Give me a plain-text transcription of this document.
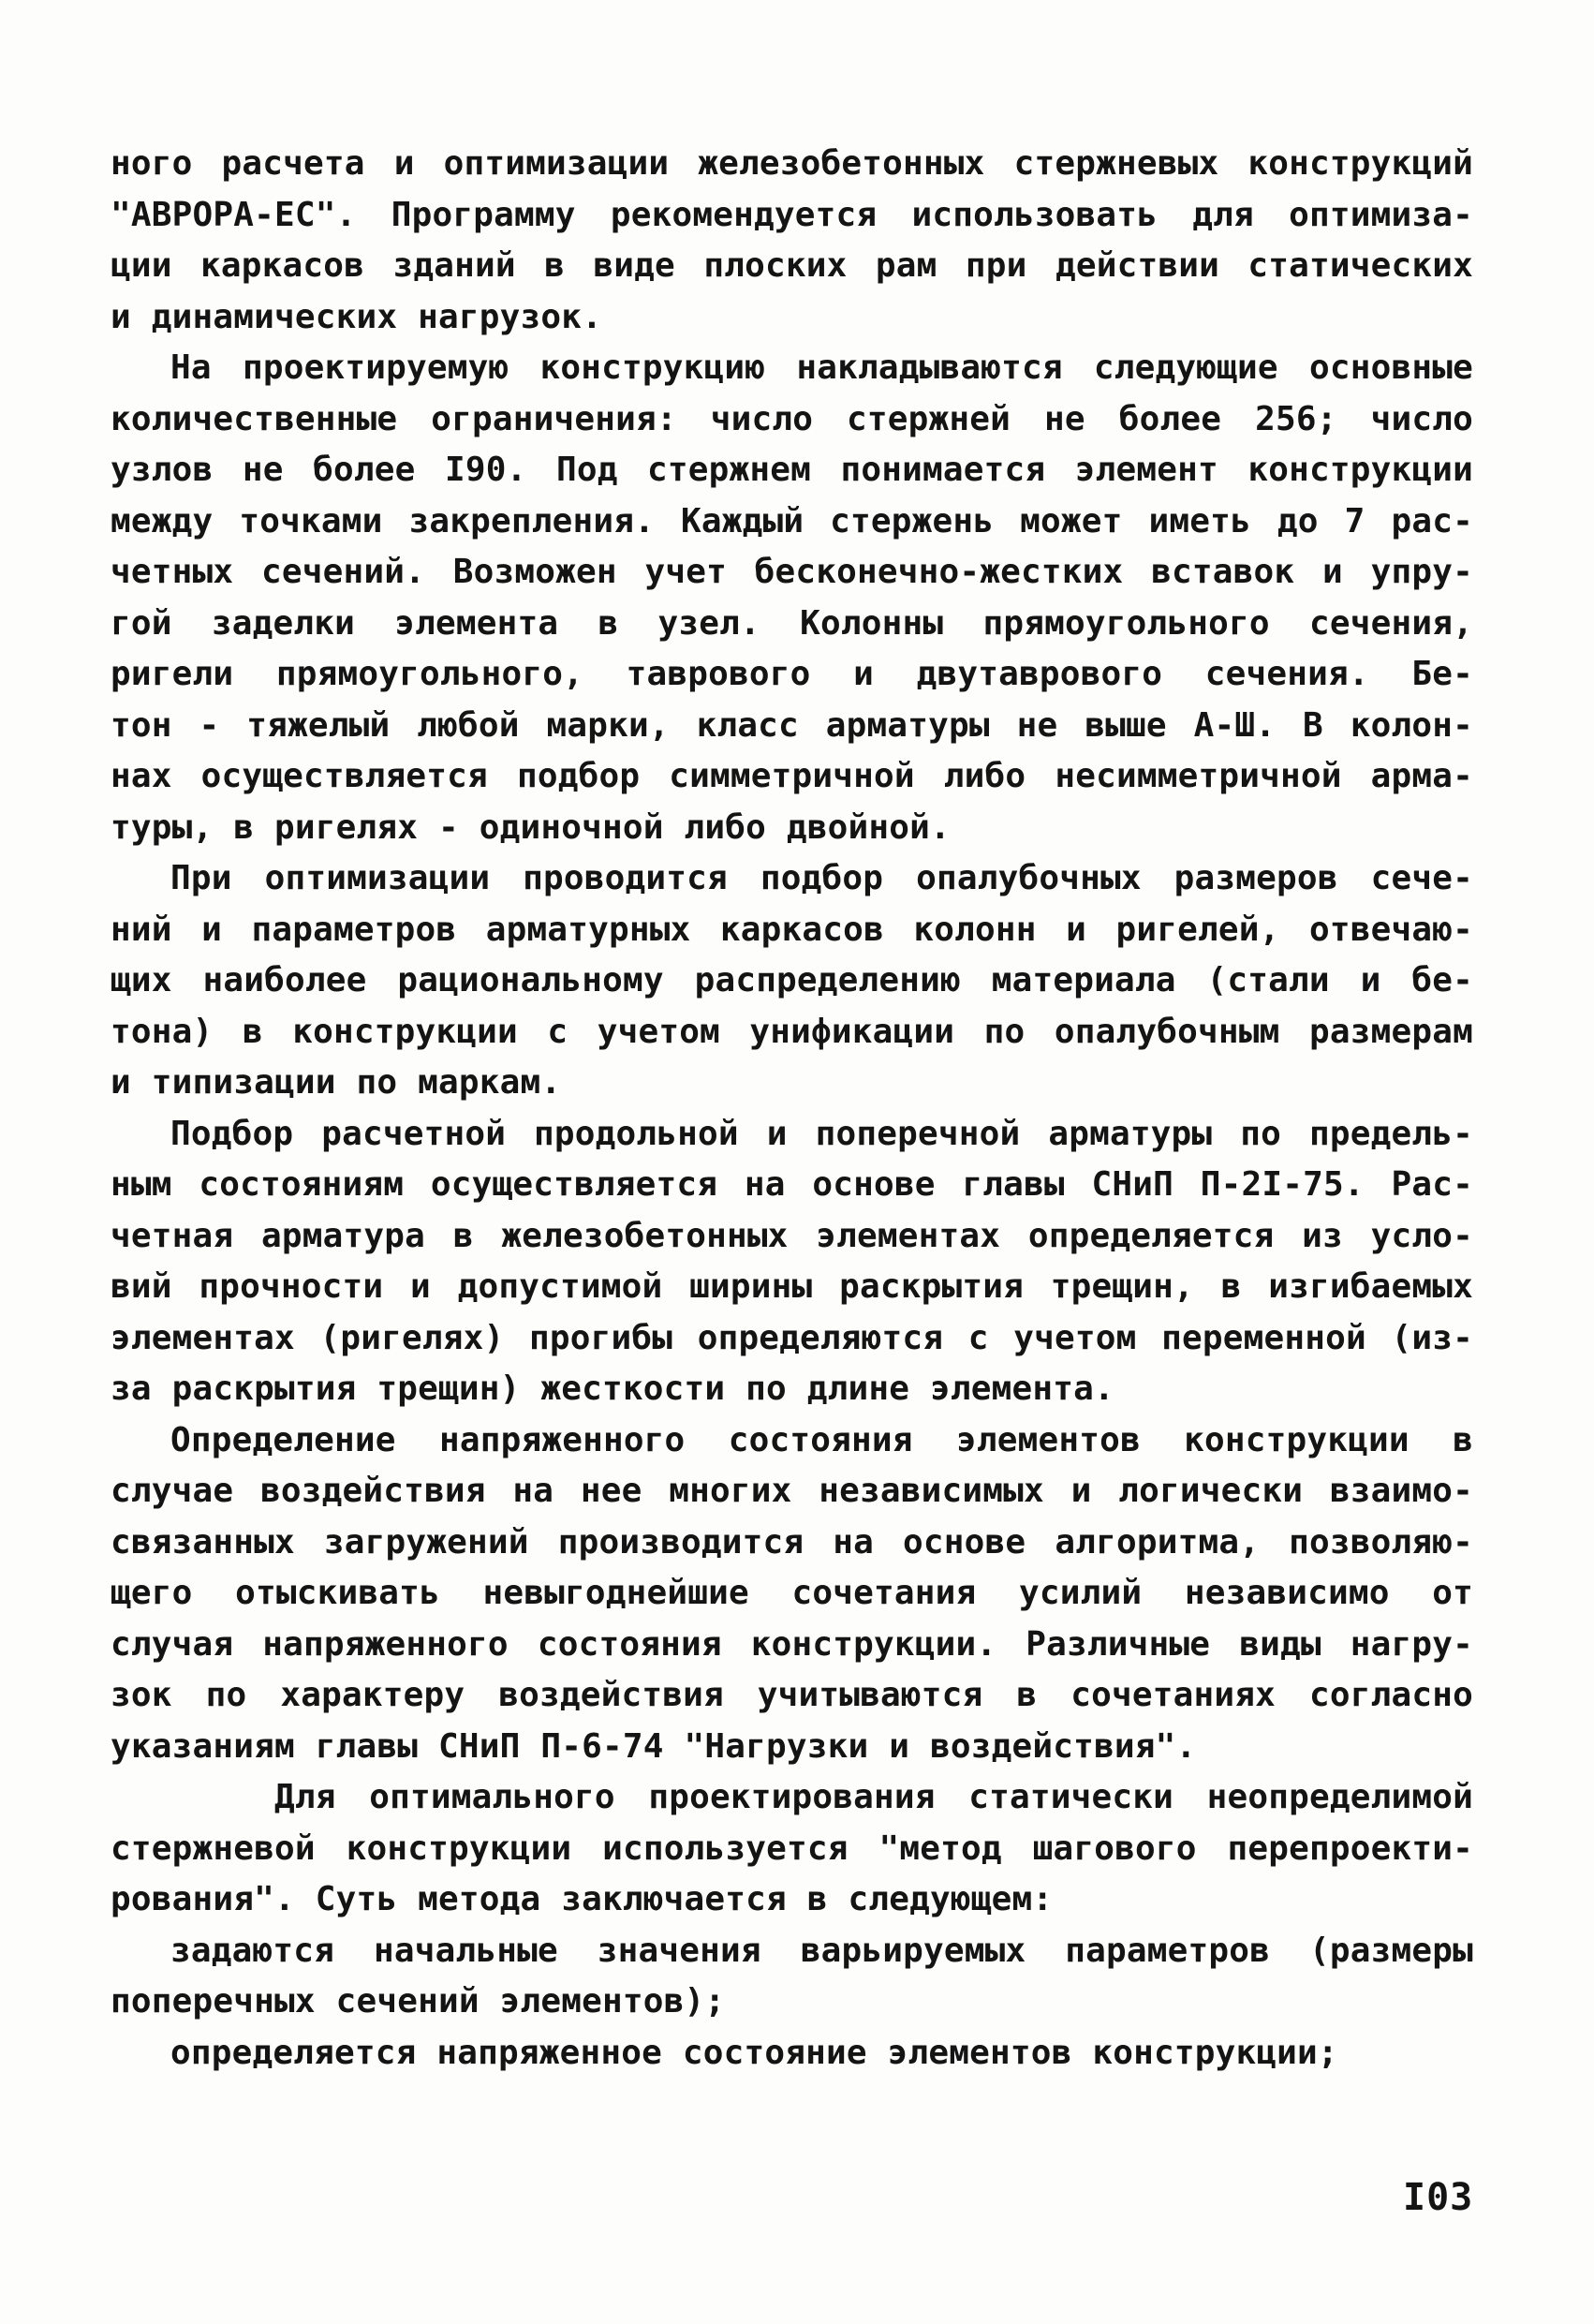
ного расчета и оптимизации железобетонных стержневых конструкций
"АВРОРА-ЕС". Программу рекомендуется использовать для оптимиза-
ции каркасов зданий в виде плоских рам при действии статических
и динамических нагрузок.
На проектируемую конструкцию накладываются следующие основные
количественные ограничения: число стержней не более 256; число
узлов не более I90. Под стержнем понимается элемент конструкции
между точками закрепления. Каждый стержень может иметь до 7 рас-
четных сечений. Возможен учет бесконечно-жестких вставок и упру-
гой заделки элемента в узел. Колонны прямоугольного сечения,
ригели прямоугольного, таврового и двутаврового сечения. Бе-
тон - тяжелый любой марки, класс арматуры не выше А-Ш. В колон-
нах осуществляется подбор симметричной либо несимметричной арма-
туры, в ригелях - одиночной либо двойной.
При оптимизации проводится подбор опалубочных размеров сече-
ний и параметров арматурных каркасов колонн и ригелей, отвечаю-
щих наиболее рациональному распределению материала (стали и бе-
тона) в конструкции с учетом унификации по опалубочным размерам
и типизации по маркам.
Подбор расчетной продольной и поперечной арматуры по предель-
ным состояниям осуществляется на основе главы СНиП П-2I-75. Рас-
четная арматура в железобетонных элементах определяется из усло-
вий прочности и допустимой ширины раскрытия трещин, в изгибаемых
элементах (ригелях) прогибы определяются с учетом переменной (из-
за раскрытия трещин) жесткости по длине элемента.
Определение напряженного состояния элементов конструкции в
случае воздействия на нее многих независимых и логически взаимо-
связанных загружений производится на основе алгоритма, позволяю-
щего отыскивать невыгоднейшие сочетания усилий независимо от
случая напряженного состояния конструкции. Различные виды нагру-
зок по характеру воздействия учитываются в сочетаниях согласно
указаниям главы СНиП П-6-74 "Нагрузки и воздействия".
Для оптимального проектирования статически неопределимой
стержневой конструкции используется "метод шагового перепроекти-
рования". Суть метода заключается в следующем:
задаются начальные значения варьируемых параметров (размеры
поперечных сечений элементов);
определяется напряженное состояние элементов конструкции;
I03
